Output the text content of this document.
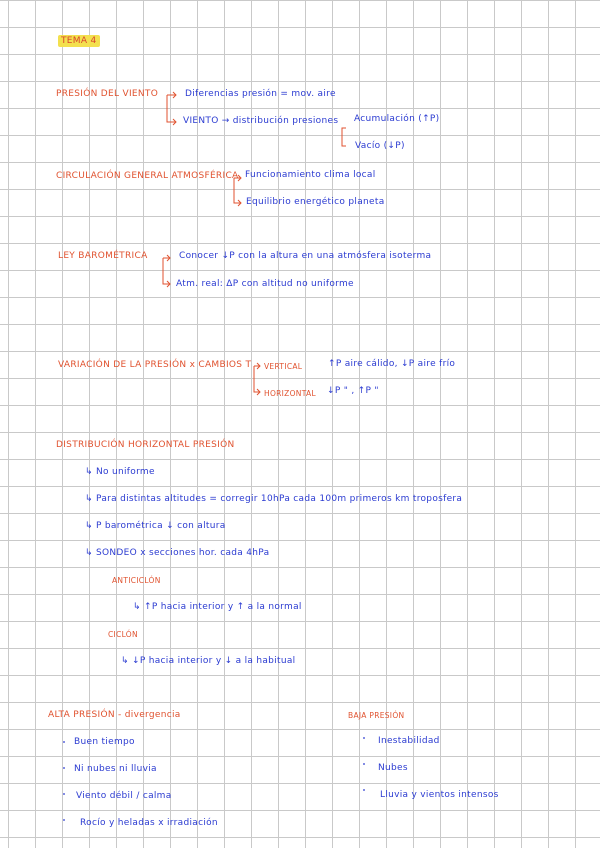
TEMA 4
PRESIÓN DEL VIENTO	Diferencias presión = mov. aire
VIENTO → distribución presiones Acumulación (↑P)
Vacío (↓P)
CIRCULACIÓN GENERAL ATMOSFÉRICA Funcionamiento clima local
Equilibrio energético planeta
LEY BAROMÉTRICA	Conocer ↓P con la altura en una atmósfera isoterma
Atm. real: ΔP con altitud no uniforme
VARIACIÓN DE LA PRESIÓN x CAMBIOS T VERTICAL	↑P aire cálido, ↓P aire frío
HORIZONTAL ↓P " , ↑P "
DISTRIBUCIÓN HORIZONTAL PRESIÓN
↳ No uniforme
↳ Para distintas altitudes = corregir 10hPa cada 100m primeros km troposfera
↳ P barométrica ↓ con altura
↳ SONDEO x secciones hor. cada 4hPa
ANTICICLÓN
↳ ↑P hacia interior y ↑ a la normal
CICLÓN
↳ ↓P hacia interior y ↓ a la habitual
ALTA PRESIÓN - divergencia
Buen tiempo
Ni nubes ni lluvia
Viento débil / calma
Rocío y heladas x irradiación
BAJA PRESIÓN
Inestabilidad
Nubes
Lluvia y vientos intensos
